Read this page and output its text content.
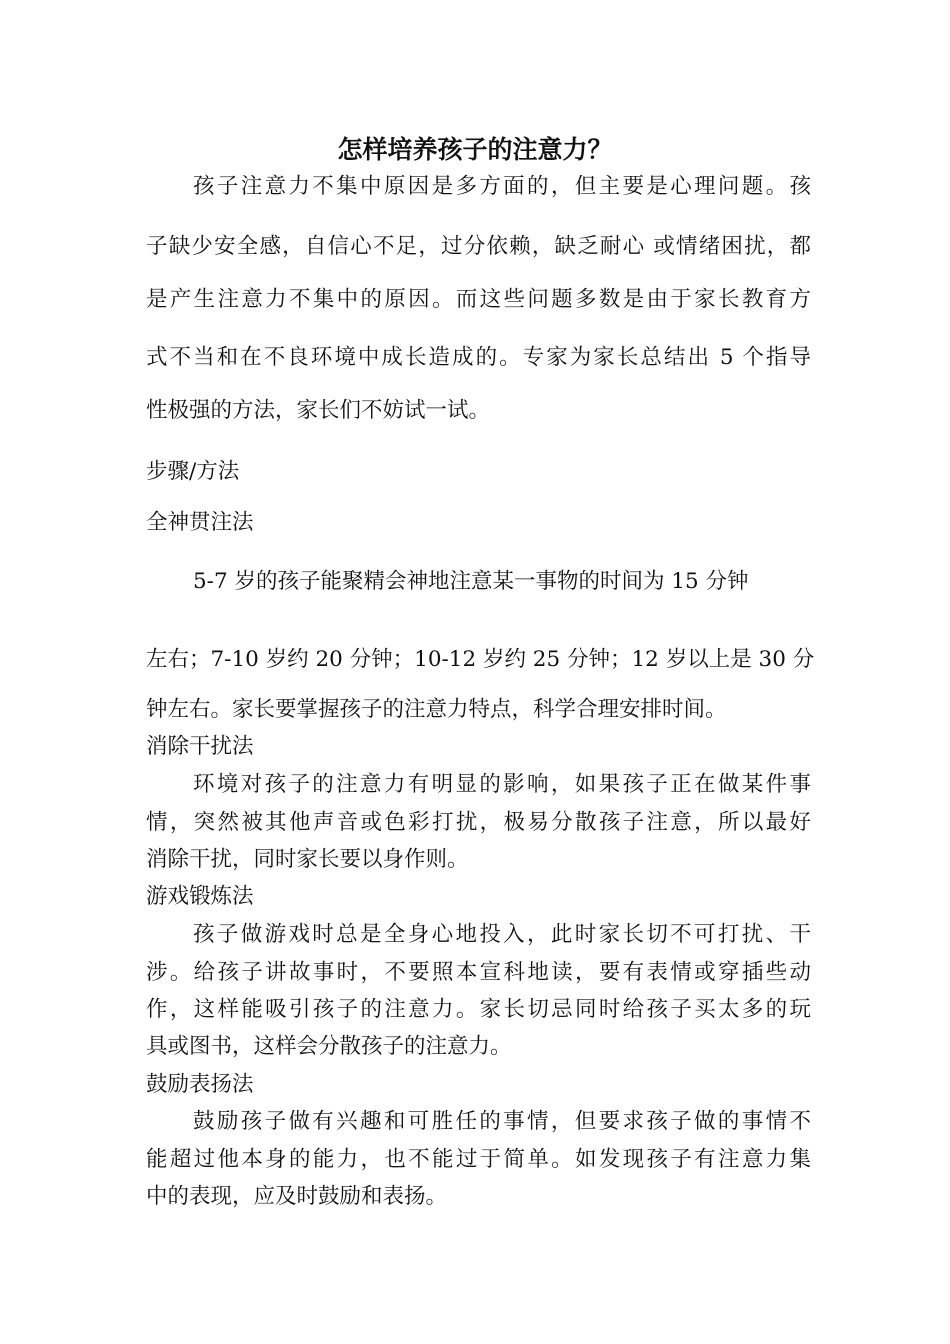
怎样培养孩子的注意力？

孩子注意力不集中原因是多方面的，但主要是心理问题。孩

子缺少安全感，自信心不足，过分依赖，缺乏耐心 或情绪困扰，都

是产生注意力不集中的原因。而这些问题多数是由于家长教育方

式不当和在不良环境中成长造成的。专家为家长总结出 5 个指导

性极强的方法，家长们不妨试一试。

步骤/方法

全神贯注法

5-7 岁的孩子能聚精会神地注意某一事物的时间为 15 分钟

左右；7-10 岁约 20 分钟；10-12 岁约 25 分钟；12 岁以上是 30 分

钟左右。家长要掌握孩子的注意力特点，科学合理安排时间。

消除干扰法

环境对孩子的注意力有明显的影响，如果孩子正在做某件事

情，突然被其他声音或色彩打扰，极易分散孩子注意，所以最好

消除干扰，同时家长要以身作则。

游戏锻炼法

孩子做游戏时总是全身心地投入，此时家长切不可打扰、干

涉。给孩子讲故事时，不要照本宣科地读，要有表情或穿插些动

作，这样能吸引孩子的注意力。家长切忌同时给孩子买太多的玩

具或图书，这样会分散孩子的注意力。

鼓励表扬法

鼓励孩子做有兴趣和可胜任的事情，但要求孩子做的事情不

能超过他本身的能力，也不能过于简单。如发现孩子有注意力集

中的表现，应及时鼓励和表扬。
